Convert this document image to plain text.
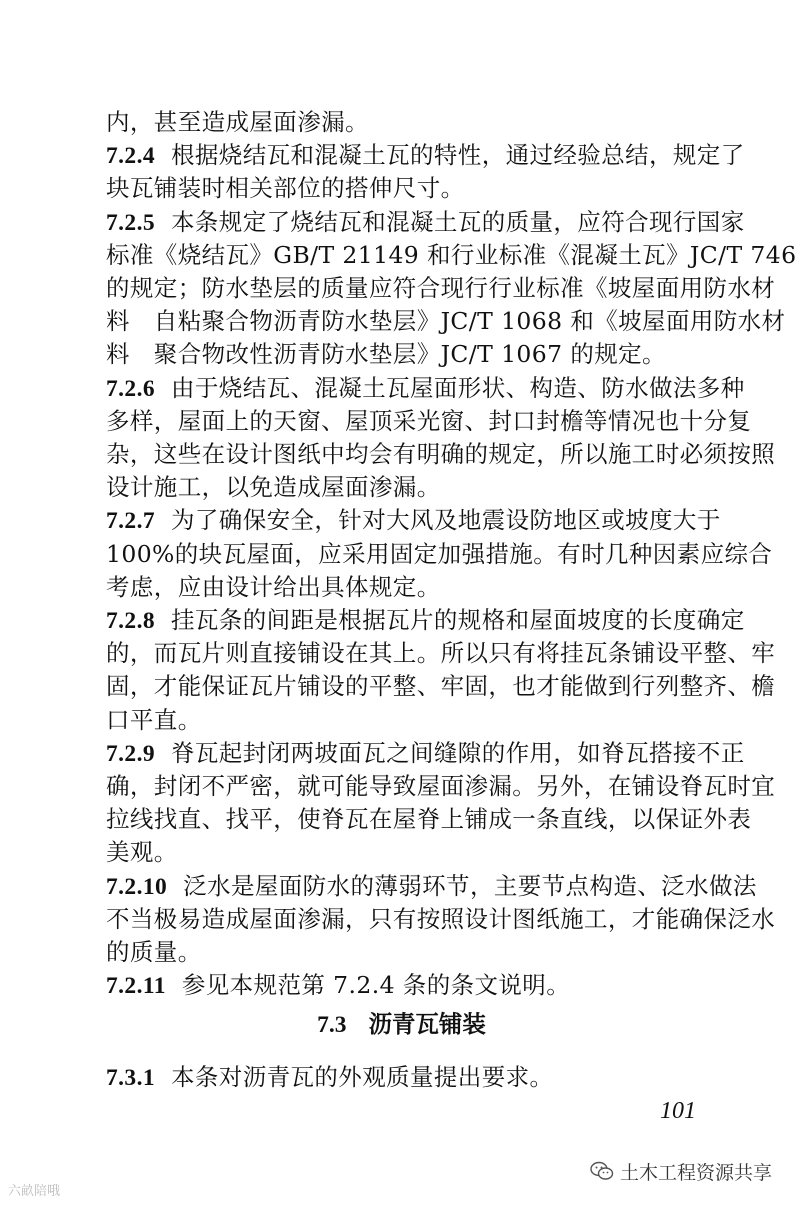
内，甚至造成屋面渗漏。
7.2.4 根据烧结瓦和混凝土瓦的特性，通过经验总结，规定了
块瓦铺装时相关部位的搭伸尺寸。
7.2.5 本条规定了烧结瓦和混凝土瓦的质量，应符合现行国家
标准《烧结瓦》GB/T 21149 和行业标准《混凝土瓦》JC/T 746
的规定；防水垫层的质量应符合现行行业标准《坡屋面用防水材
料　自粘聚合物沥青防水垫层》JC/T 1068 和《坡屋面用防水材
料　聚合物改性沥青防水垫层》JC/T 1067 的规定。
7.2.6 由于烧结瓦、混凝土瓦屋面形状、构造、防水做法多种
多样，屋面上的天窗、屋顶采光窗、封口封檐等情况也十分复
杂，这些在设计图纸中均会有明确的规定，所以施工时必须按照
设计施工，以免造成屋面渗漏。
7.2.7 为了确保安全，针对大风及地震设防地区或坡度大于
100%的块瓦屋面，应采用固定加强措施。有时几种因素应综合
考虑，应由设计给出具体规定。
7.2.8 挂瓦条的间距是根据瓦片的规格和屋面坡度的长度确定
的，而瓦片则直接铺设在其上。所以只有将挂瓦条铺设平整、牢
固，才能保证瓦片铺设的平整、牢固，也才能做到行列整齐、檐
口平直。
7.2.9 脊瓦起封闭两坡面瓦之间缝隙的作用，如脊瓦搭接不正
确，封闭不严密，就可能导致屋面渗漏。另外，在铺设脊瓦时宜
拉线找直、找平，使脊瓦在屋脊上铺成一条直线，以保证外表
美观。
7.2.10 泛水是屋面防水的薄弱环节，主要节点构造、泛水做法
不当极易造成屋面渗漏，只有按照设计图纸施工，才能确保泛水
的质量。
7.2.11 参见本规范第 7.2.4 条的条文说明。
7.3 沥青瓦铺装
7.3.1 本条对沥青瓦的外观质量提出要求。
101
六畝陪哦
土木工程资源共享
